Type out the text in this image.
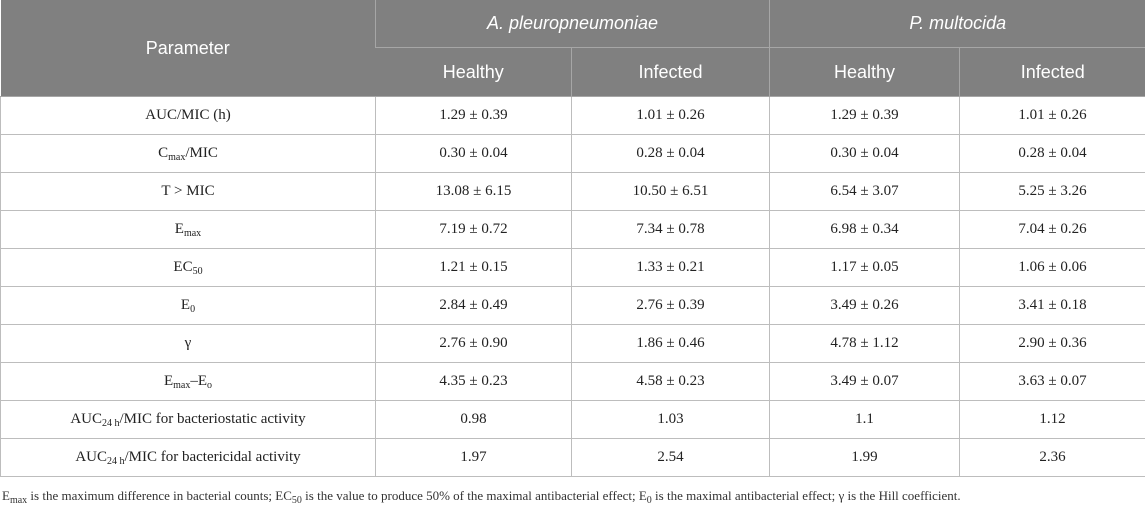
Parameter	A. pleuropneumoniae		P. multocida	
	Healthy	Infected	Healthy	Infected
AUC/MIC (h)	1.29 ± 0.39	1.01 ± 0.26	1.29 ± 0.39	1.01 ± 0.26
$C_{max}$/MIC	0.30 ± 0.04	0.28 ± 0.04	0.30 ± 0.04	0.28 ± 0.04
T > MIC	13.08 ± 6.15	10.50 ± 6.51	6.54 ± 3.07	5.25 ± 3.26
$E_{max}$	7.19 ± 0.72	7.34 ± 0.78	6.98 ± 0.34	7.04 ± 0.26
$EC_{50}$	1.21 ± 0.15	1.33 ± 0.21	1.17 ± 0.05	1.06 ± 0.06
$E_0$	2.84 ± 0.49	2.76 ± 0.39	3.49 ± 0.26	3.41 ± 0.18
γ	2.76 ± 0.90	1.86 ± 0.46	4.78 ± 1.12	2.90 ± 0.36
$E_{max}-E_o$	4.35 ± 0.23	4.58 ± 0.23	3.49 ± 0.07	3.63 ± 0.07
$AUC_{24 h}$/MIC for bacteriostatic activity	0.98	1.03	1.1	1.12
$AUC_{24 h}$/MIC for bactericidal activity	1.97	2.54	1.99	2.36
$E_{max}$ is the maximum difference in bacterial counts; $EC_{50}$ is the value to produce 50% of the maximal antibacterial effect; $E_0$ is the maximal antibacterial effect; γ is the Hill coefficient.
